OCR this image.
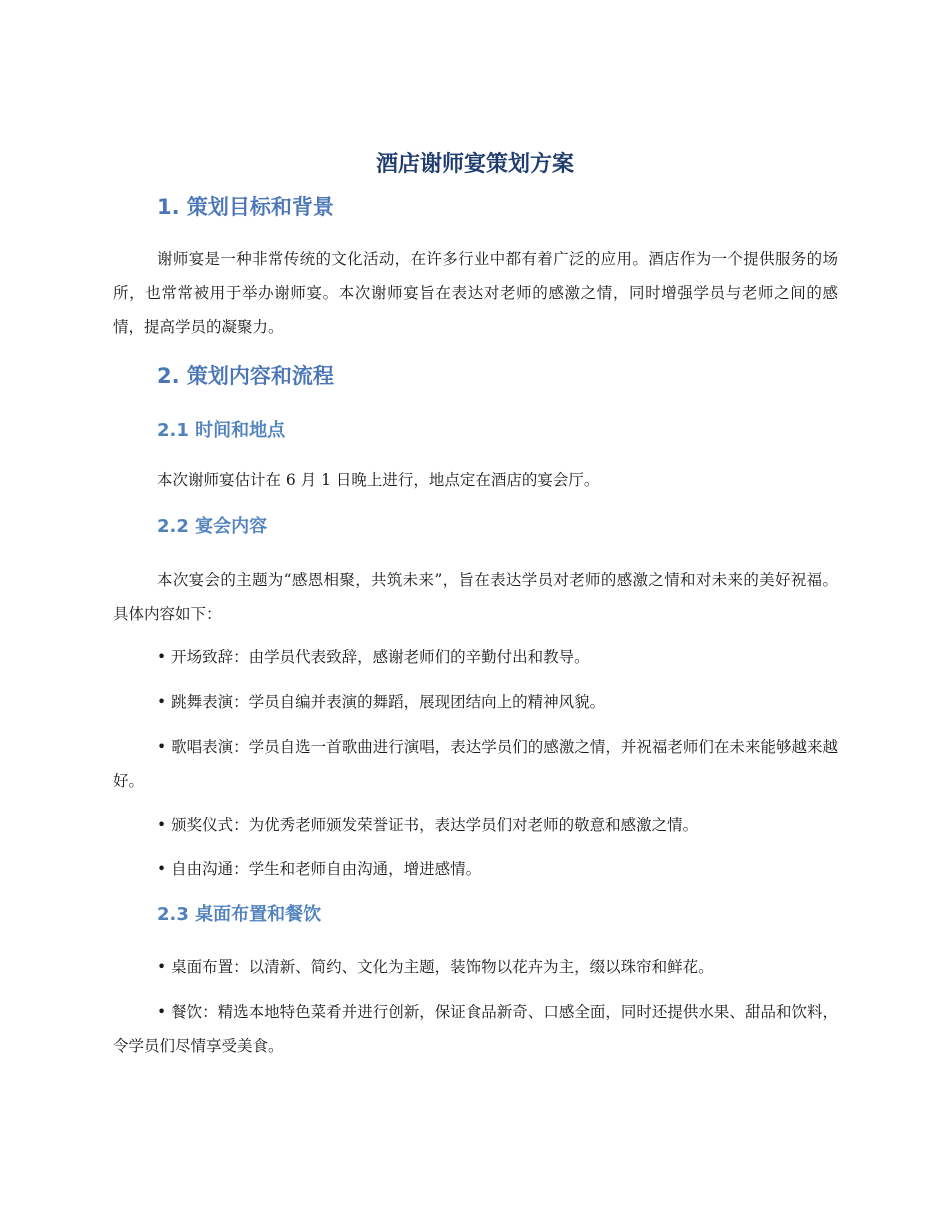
酒店谢师宴策划方案
1. 策划目标和背景

谢师宴是一种非常传统的文化活动，在许多行业中都有着广泛的应用。酒店作为一个提供服务的场所，也常常被用于举办谢师宴。本次谢师宴旨在表达对老师的感激之情，同时增强学员与老师之间的感情，提高学员的凝聚力。

2. 策划内容和流程
2.1 时间和地点

本次谢师宴估计在 6 月 1 日晚上进行，地点定在酒店的宴会厅。

2.2 宴会内容

本次宴会的主题为“感恩相聚，共筑未来”，旨在表达学员对老师的感激之情和对未来的美好祝福。具体内容如下：

• 开场致辞：由学员代表致辞，感谢老师们的辛勤付出和教导。

• 跳舞表演：学员自编并表演的舞蹈，展现团结向上的精神风貌。

• 歌唱表演：学员自选一首歌曲进行演唱，表达学员们的感激之情，并祝福老师们在未来能够越来越好。

• 颁奖仪式：为优秀老师颁发荣誉证书，表达学员们对老师的敬意和感激之情。

• 自由沟通：学生和老师自由沟通，增进感情。

2.3 桌面布置和餐饮

• 桌面布置：以清新、简约、文化为主题，装饰物以花卉为主，缀以珠帘和鲜花。

• 餐饮：精选本地特色菜肴并进行创新，保证食品新奇、口感全面，同时还提供水果、甜品和饮料，令学员们尽情享受美食。
